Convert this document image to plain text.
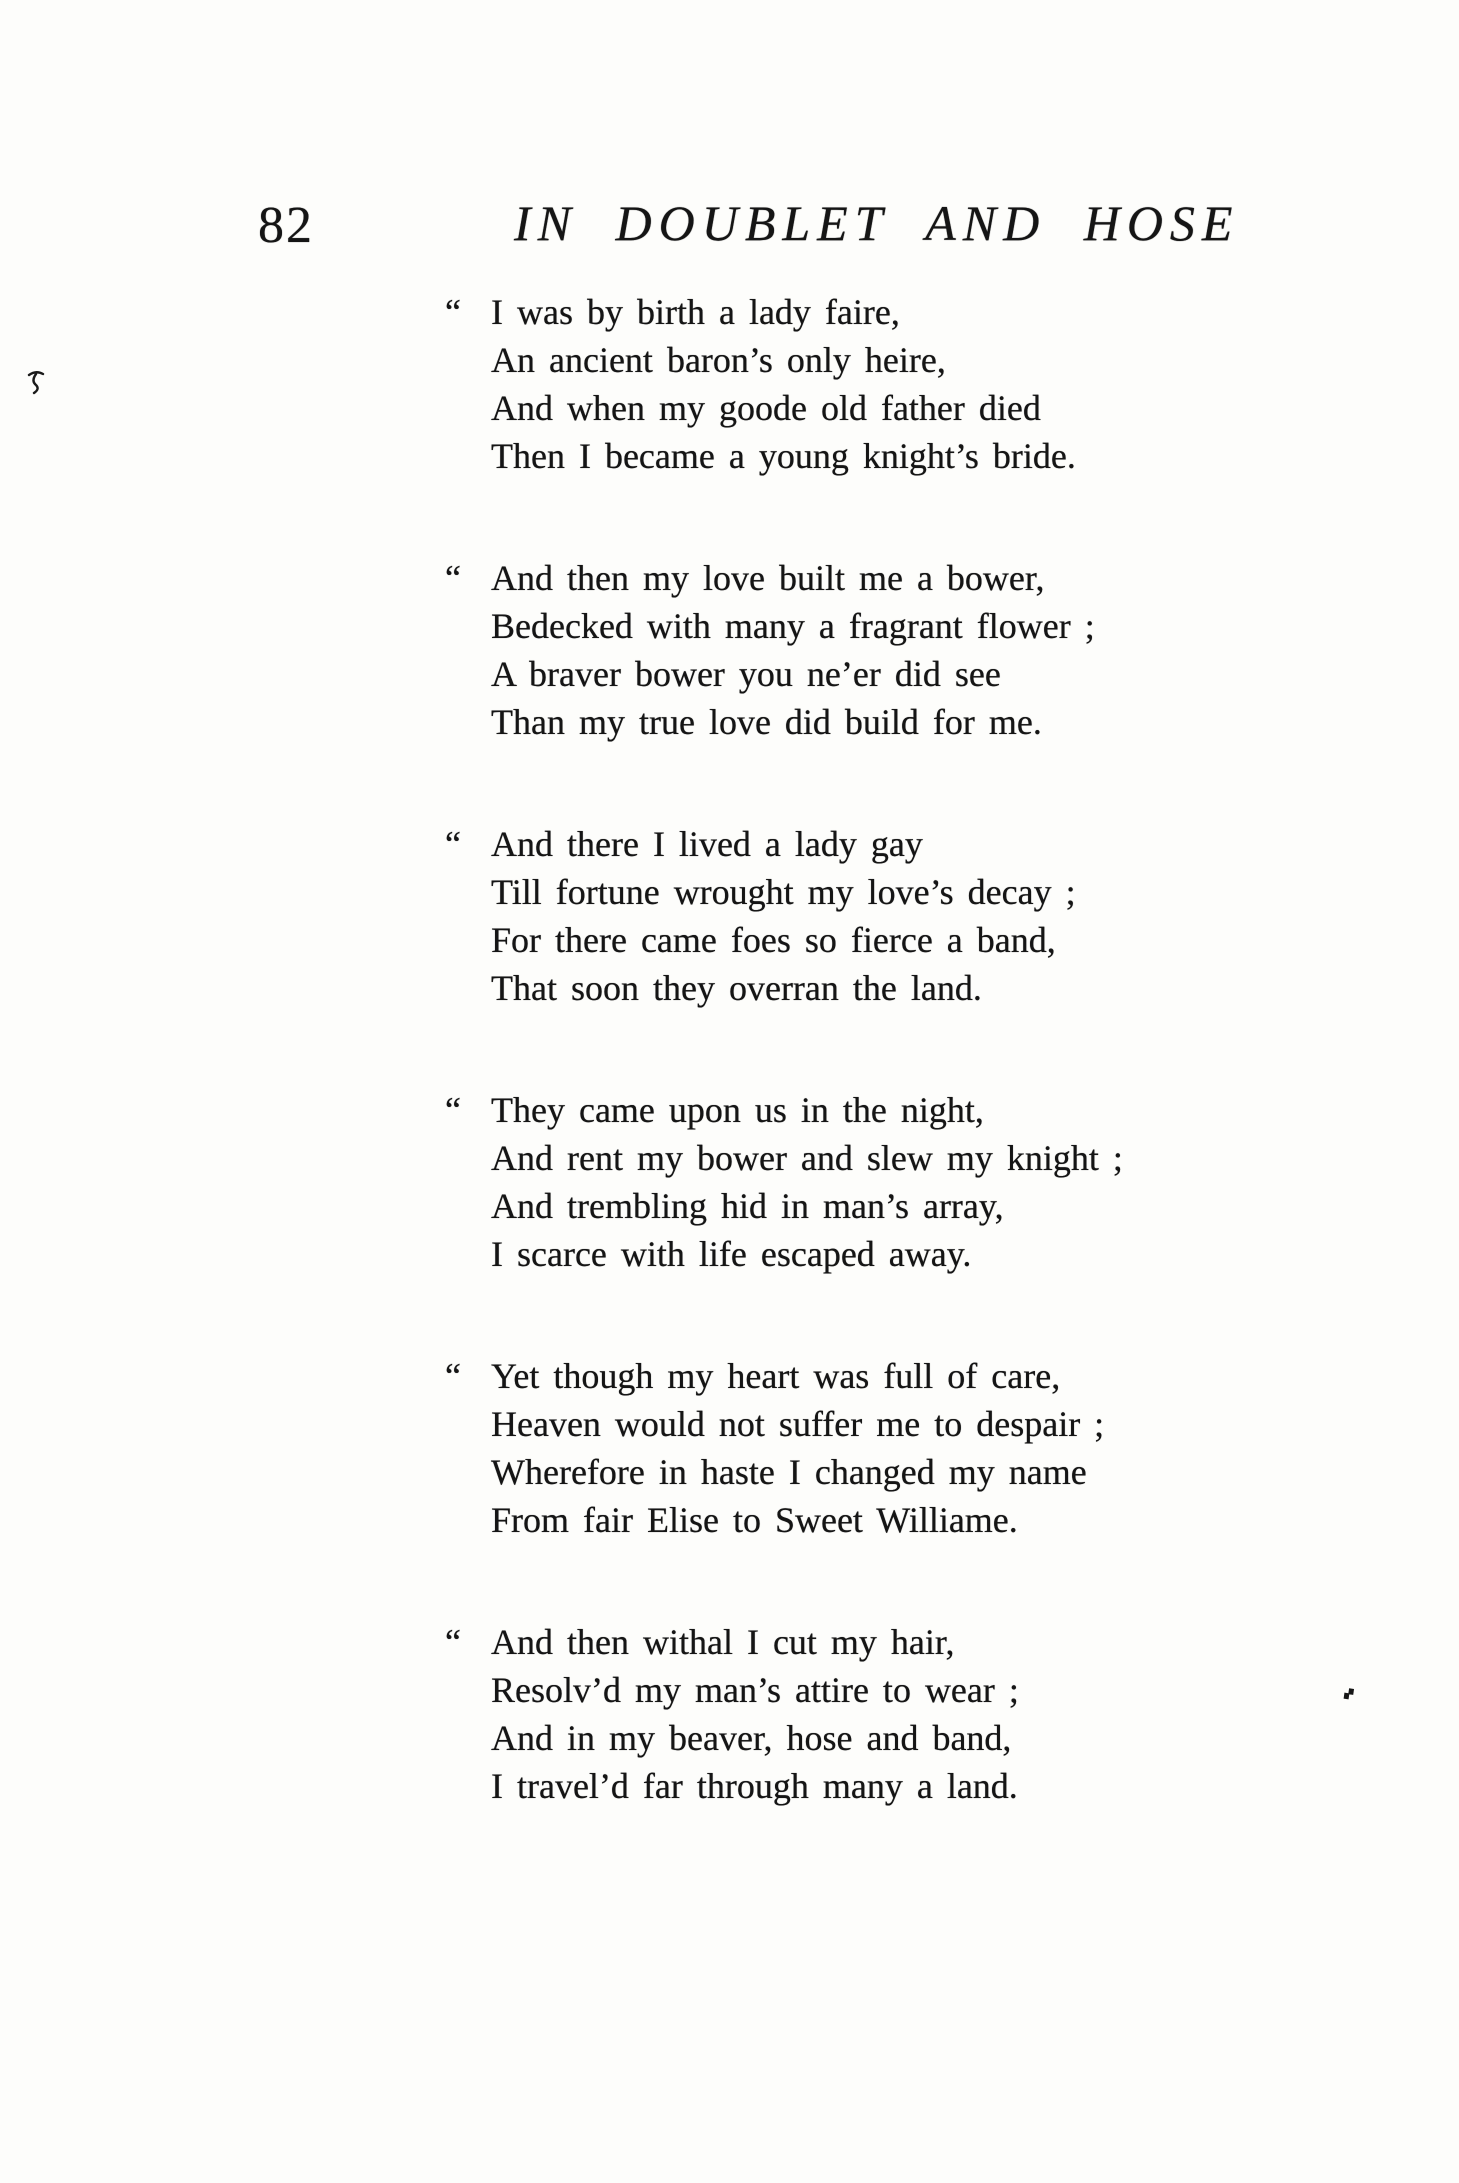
82	IN DOUBLET AND HOSE
“ I was by birth a lady faire,
An ancient baron’s only heire,
And when my goode old father died
Then I became a young knight’s bride.
“ And then my love built me a bower,
Bedecked with many a fragrant flower ;
A braver bower you ne’er did see
Than my true love did build for me.
“ And there I lived a lady gay
Till fortune wrought my love’s decay ;
For there came foes so fierce a band,
That soon they overran the land.
“ They came upon us in the night,
And rent my bower and slew my knight ;
And trembling hid in man’s array,
I scarce with life escaped away.
“ Yet though my heart was full of care,
Heaven would not suffer me to despair ;
Wherefore in haste I changed my name
From fair Elise to Sweet Williame.
“ And then withal I cut my hair,
Resolv’d my man’s attire to wear ;
And in my beaver, hose and band,
I travel’d far through many a land.
